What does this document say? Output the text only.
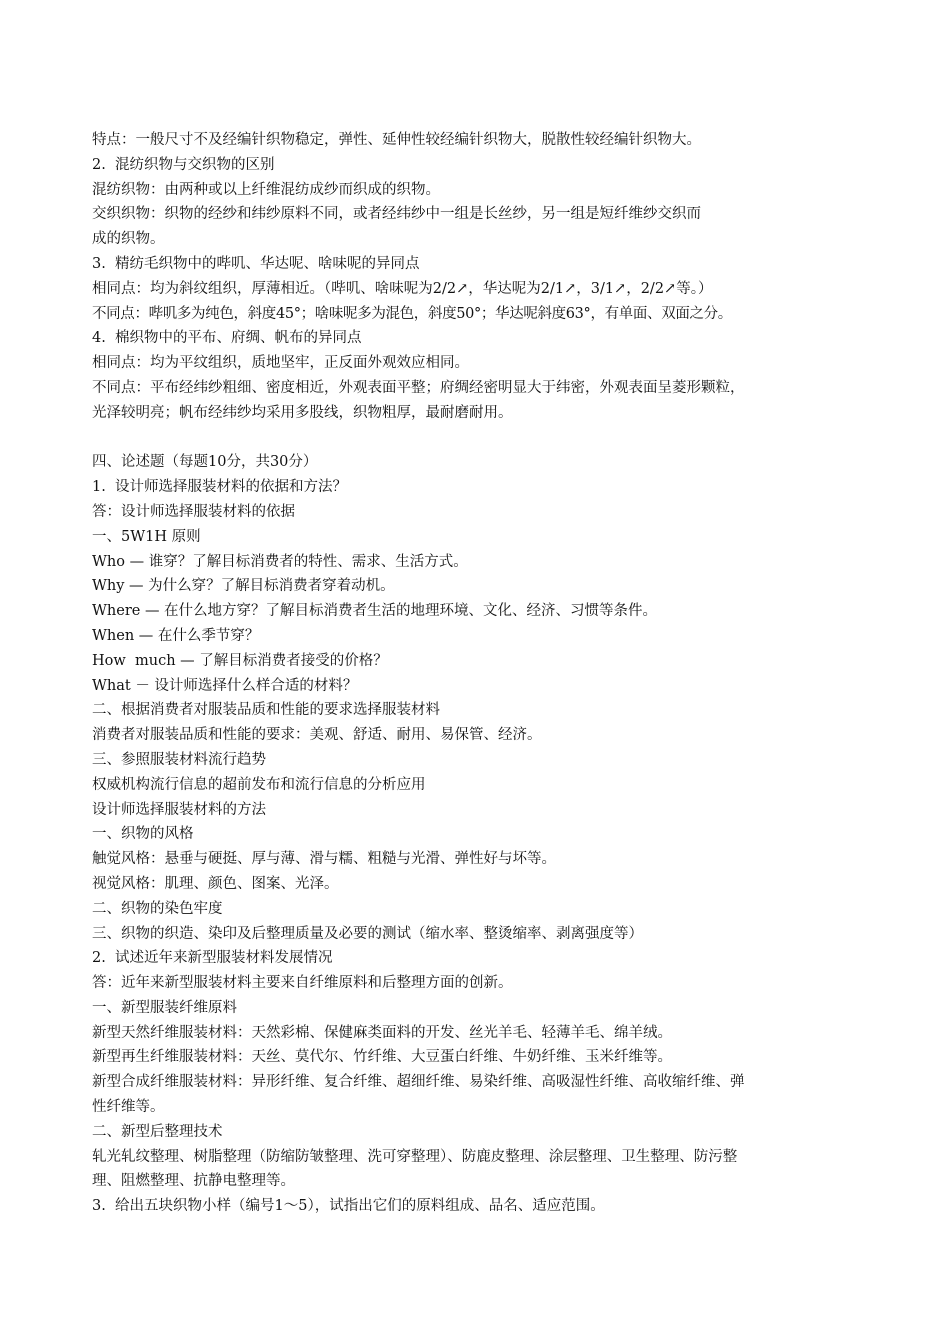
特点：一般尺寸不及经编针织物稳定，弹性、延伸性较经编针织物大，脱散性较经编针织物大。
2.  混纺织物与交织物的区别
混纺织物：由两种或以上纤维混纺成纱而织成的织物。
交织织物：织物的经纱和纬纱原料不同，或者经纬纱中一组是长丝纱，另一组是短纤维纱交织而
成的织物。
3.  精纺毛织物中的哔叽、华达呢、啥味呢的异同点
相同点：均为斜纹组织，厚薄相近。（哔叽、啥味呢为2/2↗，华达呢为2/1↗，3/1↗，2/2↗等。）
不同点：哔叽多为纯色，斜度45°；啥味呢多为混色，斜度50°；华达呢斜度63°，有单面、双面之分。
4.  棉织物中的平布、府绸、帆布的异同点
相同点：均为平纹组织，质地坚牢，正反面外观效应相同。
不同点：平布经纬纱粗细、密度相近，外观表面平整；府绸经密明显大于纬密，外观表面呈菱形颗粒，
光泽较明亮；帆布经纬纱均采用多股线，织物粗厚，最耐磨耐用。
四、论述题（每题10分，共30分）
1.  设计师选择服装材料的依据和方法？
答：设计师选择服装材料的依据
一、5W1H 原则
Who — 谁穿？了解目标消费者的特性、需求、生活方式。
Why — 为什么穿？了解目标消费者穿着动机。
Where — 在什么地方穿？了解目标消费者生活的地理环境、文化、经济、习惯等条件。
When — 在什么季节穿？
How  much — 了解目标消费者接受的价格？
What － 设计师选择什么样合适的材料？
二、根据消费者对服装品质和性能的要求选择服装材料
消费者对服装品质和性能的要求：美观、舒适、耐用、易保管、经济。
三、参照服装材料流行趋势
权威机构流行信息的超前发布和流行信息的分析应用
设计师选择服装材料的方法
一、织物的风格
触觉风格：悬垂与硬挺、厚与薄、滑与糯、粗糙与光滑、弹性好与坏等。
视觉风格：肌理、颜色、图案、光泽。
二、织物的染色牢度
三、织物的织造、染印及后整理质量及必要的测试（缩水率、整烫缩率、剥离强度等）
2.  试述近年来新型服装材料发展情况
答：近年来新型服装材料主要来自纤维原料和后整理方面的创新。
一、新型服装纤维原料
新型天然纤维服装材料：天然彩棉、保健麻类面料的开发、丝光羊毛、轻薄羊毛、绵羊绒。
新型再生纤维服装材料：天丝、莫代尔、竹纤维、大豆蛋白纤维、牛奶纤维、玉米纤维等。
新型合成纤维服装材料：异形纤维、复合纤维、超细纤维、易染纤维、高吸湿性纤维、高收缩纤维、弹
性纤维等。
二、新型后整理技术
轧光轧纹整理、树脂整理（防缩防皱整理、洗可穿整理）、防鹿皮整理、涂层整理、卫生整理、防污整
理、阻燃整理、抗静电整理等。
3.  给出五块织物小样（编号1～5），试指出它们的原料组成、品名、适应范围。
